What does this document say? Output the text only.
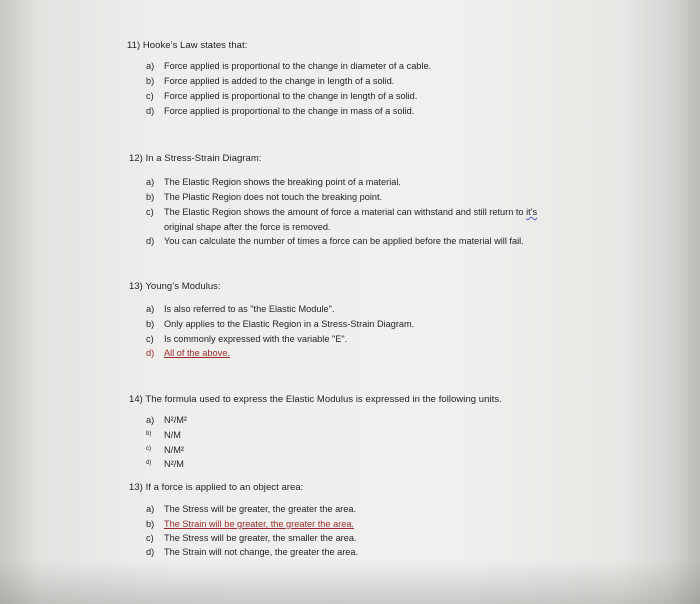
11) Hooke’s Law states that:
a)	Force applied is proportional to the change in diameter of a cable.
b)	Force applied is added to the change in length of a solid.
c)	Force applied is proportional to the change in length of a solid.
d)	Force applied is proportional to the change in mass of a solid.
12) In a Stress-Strain Diagram:
a)	The Elastic Region shows the breaking point of a material.
b)	The Plastic Region does not touch the breaking point.
c)	The Elastic Region shows the amount of force a material can withstand and still return to it’s
original shape after the force is removed.
d)	You can calculate the number of times a force can be applied before the material will fail.
13) Young’s Modulus:
a)	Is also referred to as "the Elastic Module".
b)	Only applies to the Elastic Region in a Stress-Strain Diagram.
c)	Is commonly expressed with the variable "E".
d)	All of the above.
14) The formula used to express the Elastic Modulus is expressed in the following units.
a)	N²/M²
b)	N/M
c)	N/M²
d)	N²/M
13) If a force is applied to an object area:
a)	The Stress will be greater, the greater the area.
b)	The Strain will be greater, the greater the area.
c)	The Stress will be greater, the smaller the area.
d)	The Strain will not change, the greater the area.
